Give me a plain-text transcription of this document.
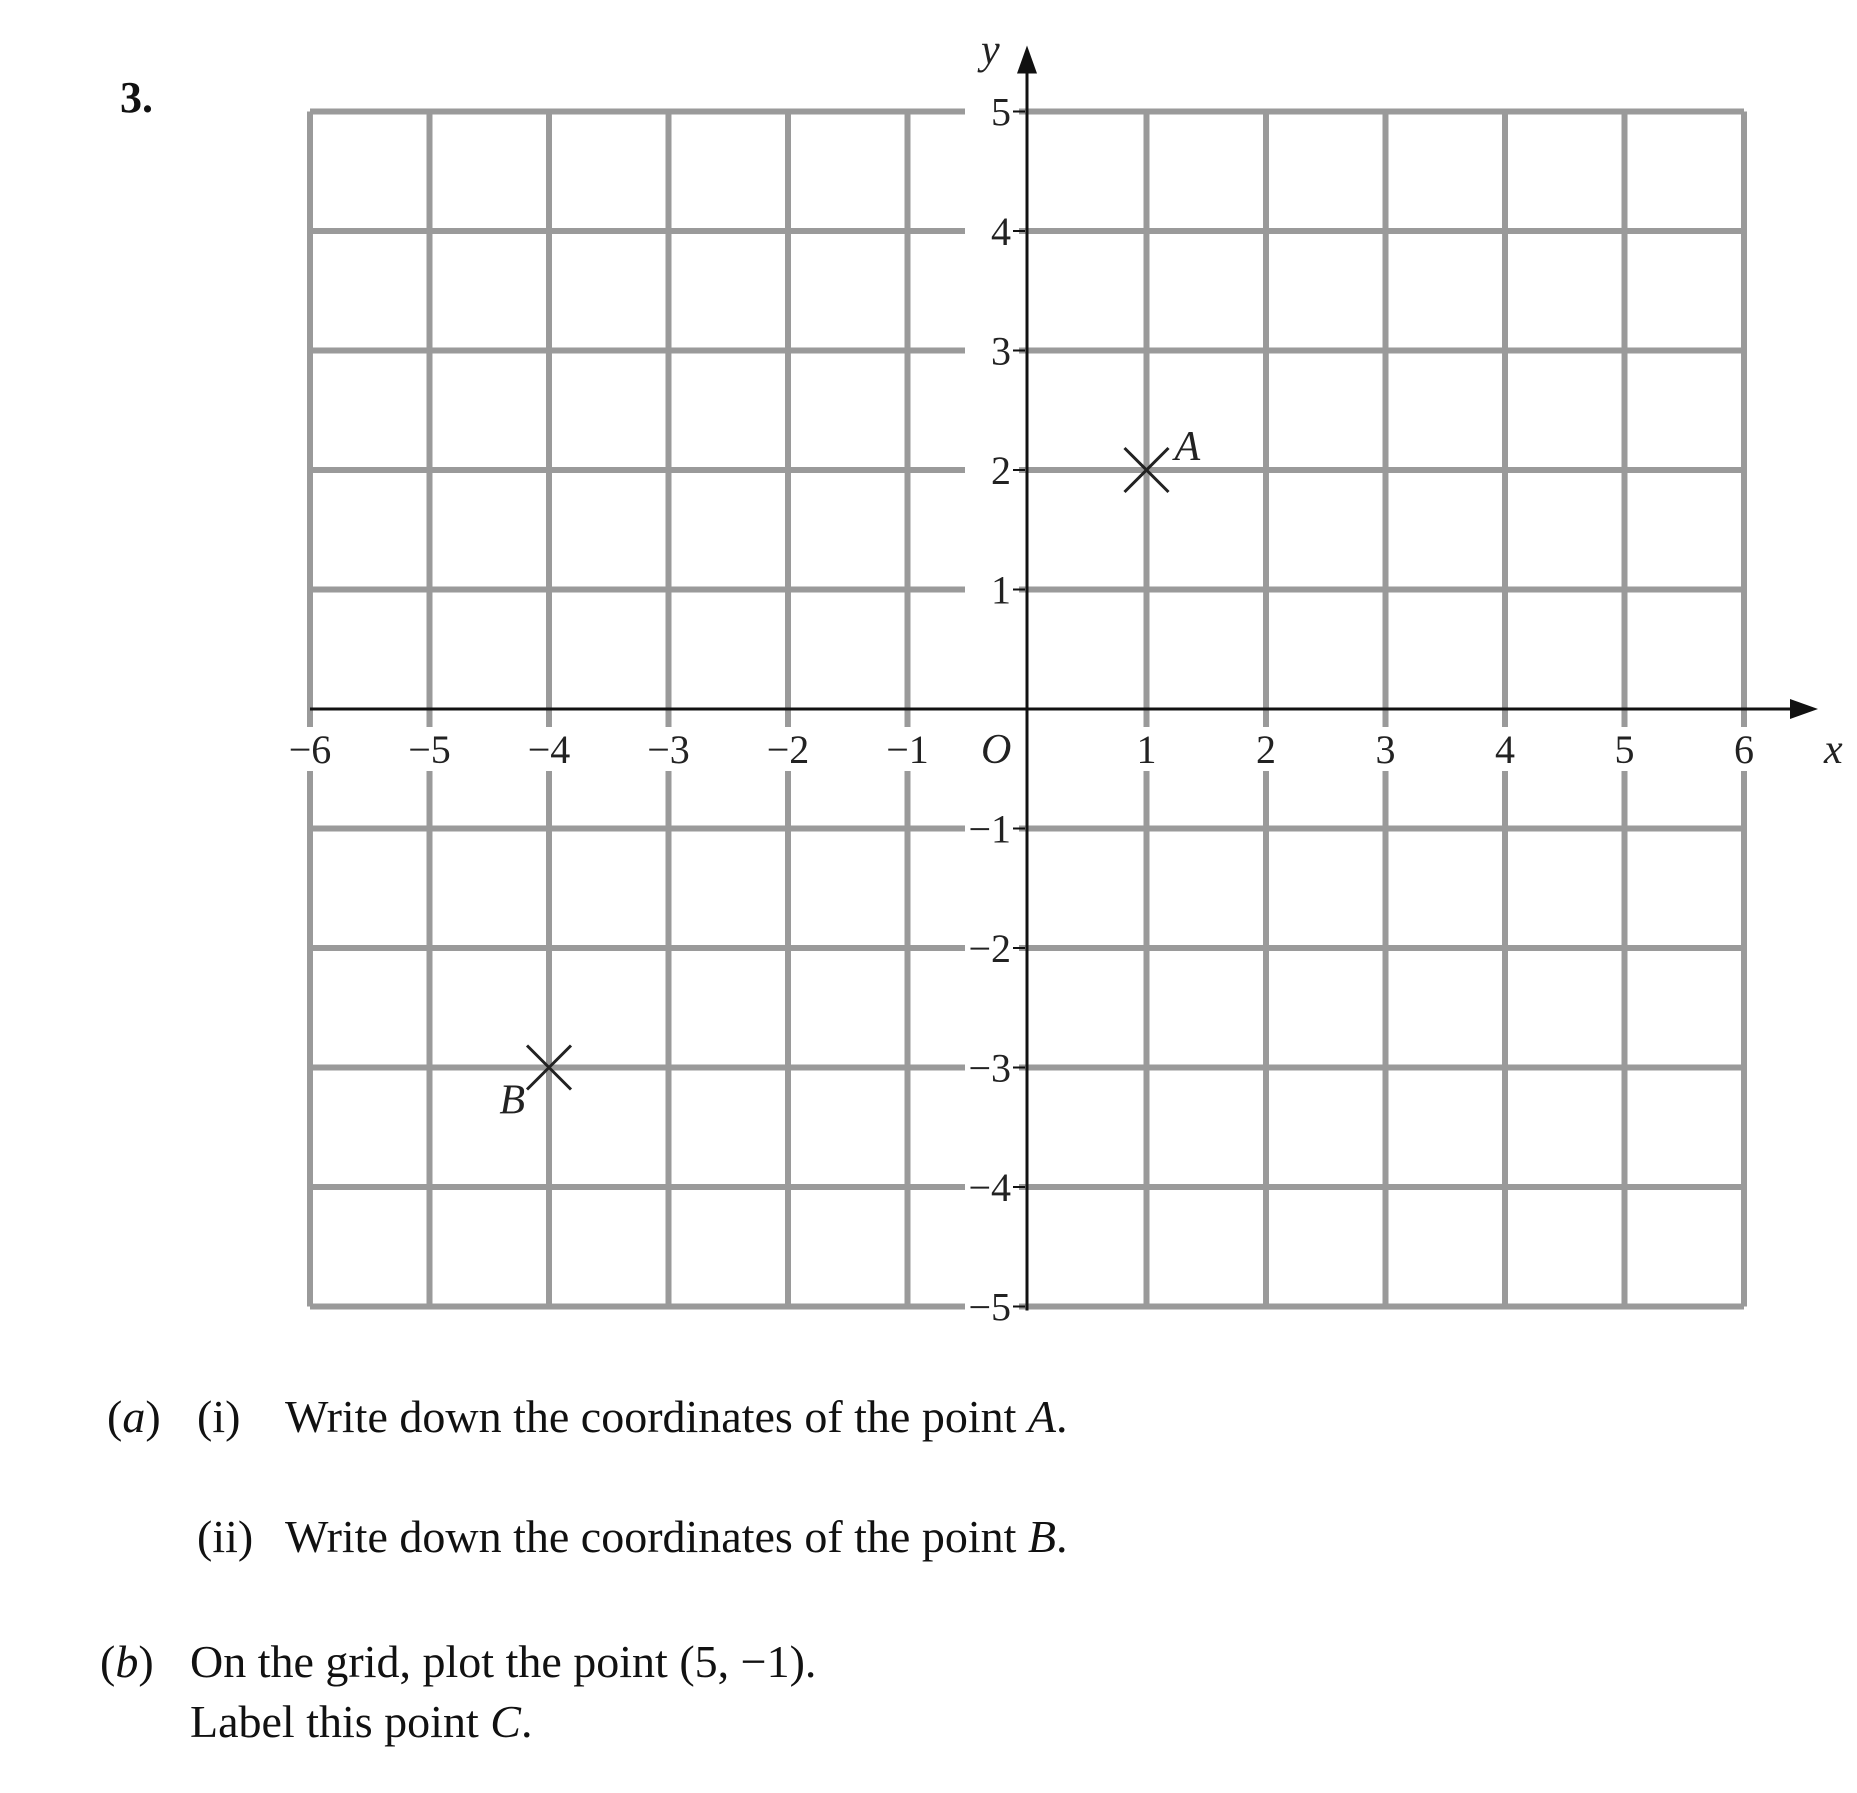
3.
x
y
O
−6 −5 −4 −3 −2 −1	1 2 3 4 5 6
5
4
3
2
1
−1
−2
−3
−4
−5
A
B
(a) (i) Write down the coordinates of the point A.
(ii) Write down the coordinates of the point B.
(b) On the grid, plot the point (5, −1).
Label this point C.
